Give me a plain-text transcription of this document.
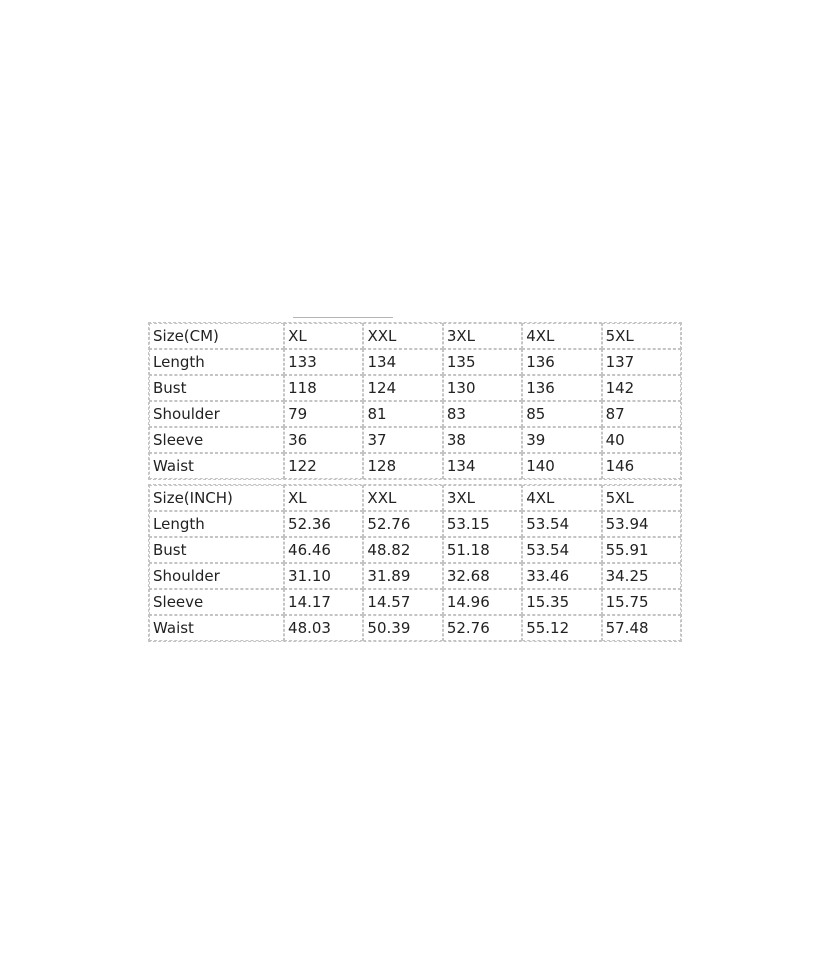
Size(CM)	XL	XXL	3XL	4XL	5XL
Length	133	134	135	136	137
Bust	118	124	130	136	142
Shoulder	79	81	83	85	87
Sleeve	36	37	38	39	40
Waist	122	128	134	140	146
Size(INCH)	XL	XXL	3XL	4XL	5XL
Length	52.36	52.76	53.15	53.54	53.94
Bust	46.46	48.82	51.18	53.54	55.91
Shoulder	31.10	31.89	32.68	33.46	34.25
Sleeve	14.17	14.57	14.96	15.35	15.75
Waist	48.03	50.39	52.76	55.12	57.48
